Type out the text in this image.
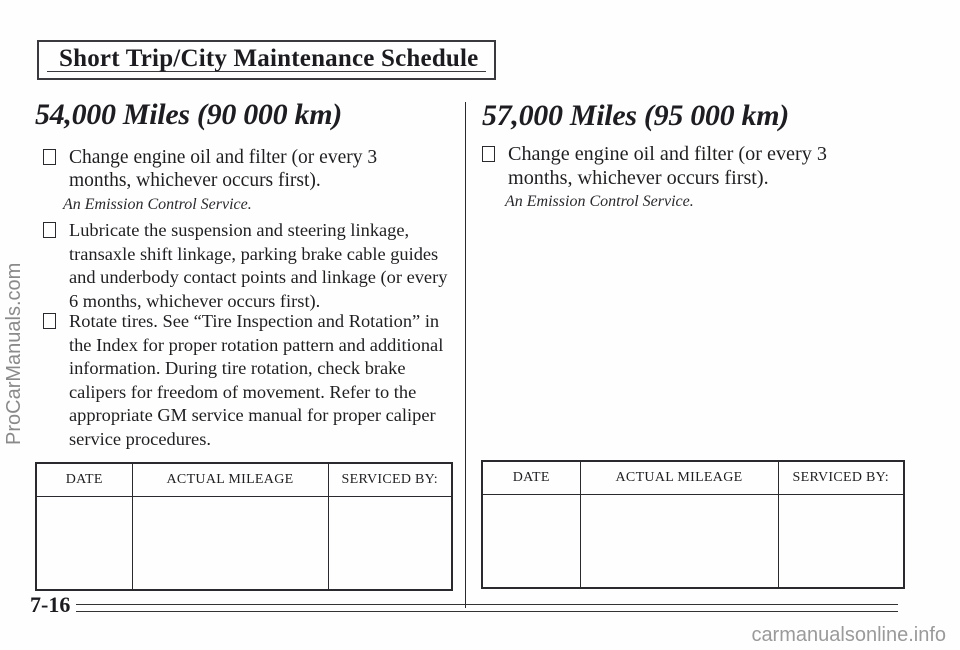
Short Trip/City Maintenance Schedule
54,000 Miles (90 000 km)

Change engine oil and filter (or every 3 months, whichever occurs first).

An Emission Control Service.

Lubricate the suspension and steering linkage, transaxle shift linkage, parking brake cable guides and underbody contact points and linkage (or every 6 months, whichever occurs first).

Rotate tires. See “Tire Inspection and Rotation” in the Index for proper rotation pattern and additional information. During tire rotation, check brake calipers for freedom of movement. Refer to the appropriate GM service manual for proper caliper service procedures.

DATE	ACTUAL MILEAGE	SERVICED BY:

57,000 Miles (95 000 km)

Change engine oil and filter (or every 3 months, whichever occurs first).

An Emission Control Service.

DATE	ACTUAL MILEAGE	SERVICED BY:

7-16
ProCarManuals.com
carmanualsonline.info
